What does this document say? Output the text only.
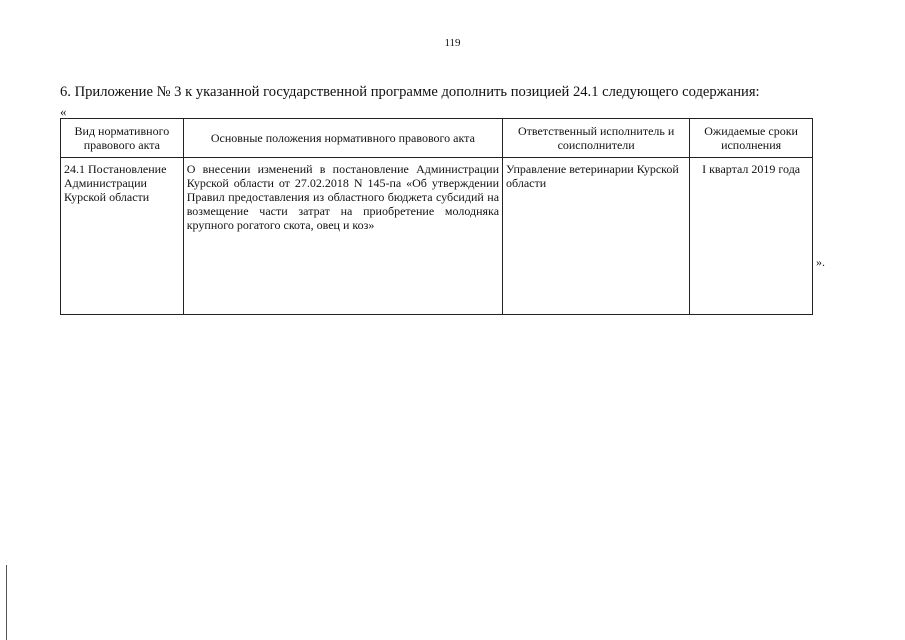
119
6. Приложение № 3 к указанной государственной программе дополнить позицией 24.1 следующего содержания:
«
Вид нормативного правового акта	Основные положения нормативного правового акта	Ответственный исполнитель и соисполнители	Ожидаемые сроки исполнения
24.1 Постановление Администрации Курской области	О внесении изменений в постановление Администрации Курской области от 27.02.2018 N 145-па «Об утверждении Правил предоставления из областного бюджета субсидий на возмещение части затрат на приобретение молодняка крупного рогатого скота, овец и коз»	Управление ветеринарии Курской области	I квартал 2019 года
».
